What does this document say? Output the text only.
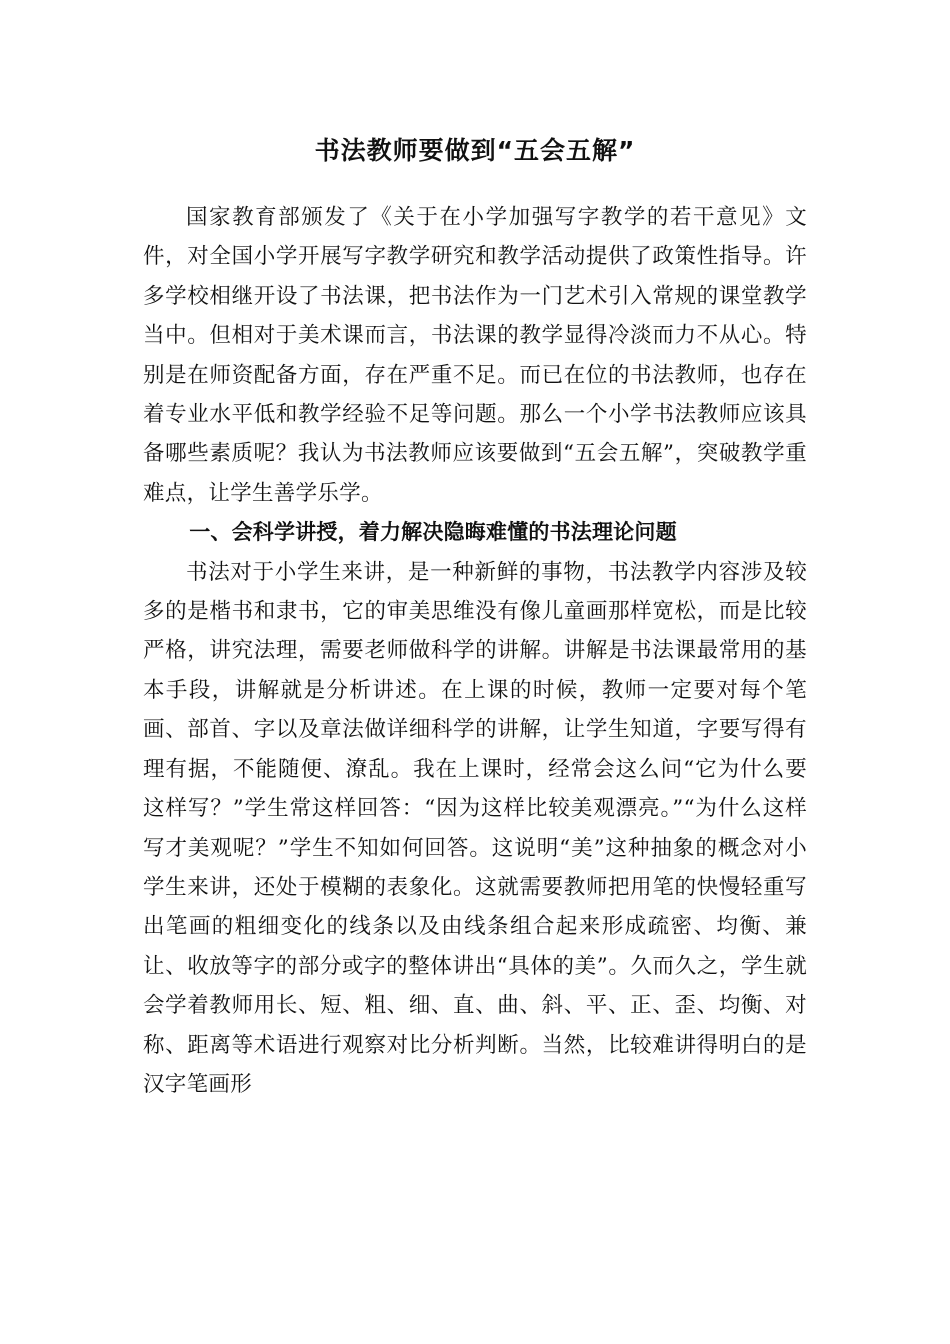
书法教师要做到“五会五解”

国家教育部颁发了《关于在小学加强写字教学的若干意见》文件，对全国小学开展写字教学研究和教学活动提供了政策性指导。许多学校相继开设了书法课，把书法作为一门艺术引入常规的课堂教学当中。但相对于美术课而言，书法课的教学显得冷淡而力不从心。特别是在师资配备方面，存在严重不足。而已在位的书法教师，也存在着专业水平低和教学经验不足等问题。那么一个小学书法教师应该具备哪些素质呢？我认为书法教师应该要做到“五会五解”，突破教学重难点，让学生善学乐学。

一、会科学讲授，着力解决隐晦难懂的书法理论问题

书法对于小学生来讲，是一种新鲜的事物，书法教学内容涉及较多的是楷书和隶书，它的审美思维没有像儿童画那样宽松，而是比较严格，讲究法理，需要老师做科学的讲解。讲解是书法课最常用的基本手段，讲解就是分析讲述。在上课的时候，教师一定要对每个笔画、部首、字以及章法做详细科学的讲解，让学生知道，字要写得有理有据，不能随便、潦乱。我在上课时，经常会这么问“它为什么要这样写？”学生常这样回答：“因为这样比较美观漂亮。”“为什么这样写才美观呢？”学生不知如何回答。这说明“美”这种抽象的概念对小学生来讲，还处于模糊的表象化。这就需要教师把用笔的快慢轻重写出笔画的粗细变化的线条以及由线条组合起来形成疏密、均衡、兼让、收放等字的部分或字的整体讲出“具体的美”。久而久之，学生就会学着教师用长、短、粗、细、直、曲、斜、平、正、歪、均衡、对称、距离等术语进行观察对比分析判断。当然，比较难讲得明白的是汉字笔画形
